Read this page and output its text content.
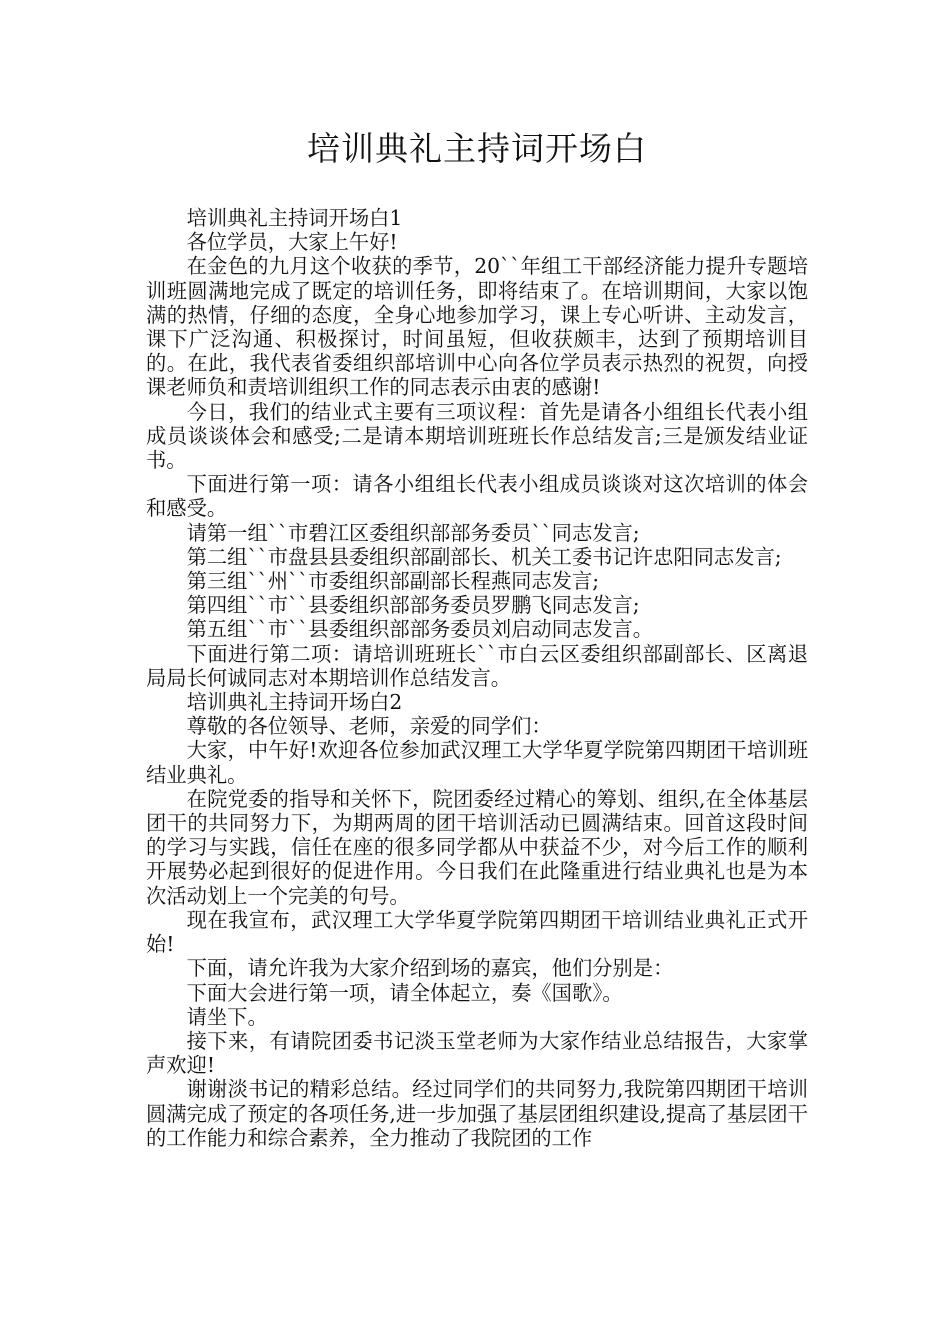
培训典礼主持词开场白

培训典礼主持词开场白1

各位学员，大家上午好!

在金色的九月这个收获的季节，20``年组工干部经济能力提升专题培训班圆满地完成了既定的培训任务，即将结束了。在培训期间，大家以饱满的热情，仔细的态度，全身心地参加学习，课上专心听讲、主动发言，课下广泛沟通、积极探讨，时间虽短，但收获颇丰，达到了预期培训目的。在此，我代表省委组织部培训中心向各位学员表示热烈的祝贺，向授课老师负和责培训组织工作的同志表示由衷的感谢!

今日，我们的结业式主要有三项议程：首先是请各小组组长代表小组成员谈谈体会和感受;二是请本期培训班班长作总结发言;三是颁发结业证书。

下面进行第一项：请各小组组长代表小组成员谈谈对这次培训的体会和感受。

请第一组``市碧江区委组织部部务委员``同志发言;

第二组``市盘县县委组织部副部长、机关工委书记许忠阳同志发言;

第三组``州``市委组织部副部长程燕同志发言;

第四组``市``县委组织部部务委员罗鹏飞同志发言;

第五组``市``县委组织部部务委员刘启动同志发言。

下面进行第二项：请培训班班长``市白云区委组织部副部长、区离退局局长何诚同志对本期培训作总结发言。

培训典礼主持词开场白2

尊敬的各位领导、老师，亲爱的同学们：

大家，中午好!欢迎各位参加武汉理工大学华夏学院第四期团干培训班结业典礼。

在院党委的指导和关怀下，院团委经过精心的筹划、组织,在全体基层团干的共同努力下，为期两周的团干培训活动已圆满结束。回首这段时间的学习与实践，信任在座的很多同学都从中获益不少，对今后工作的顺利开展势必起到很好的促进作用。今日我们在此隆重进行结业典礼也是为本次活动划上一个完美的句号。

现在我宣布，武汉理工大学华夏学院第四期团干培训结业典礼正式开始!

下面，请允许我为大家介绍到场的嘉宾，他们分别是：

下面大会进行第一项，请全体起立，奏《国歌》。

请坐下。

接下来，有请院团委书记淡玉堂老师为大家作结业总结报告，大家掌声欢迎!

谢谢淡书记的精彩总结。经过同学们的共同努力,我院第四期团干培训圆满完成了预定的各项任务,进一步加强了基层团组织建设,提高了基层团干的工作能力和综合素养，全力推动了我院团的工作
